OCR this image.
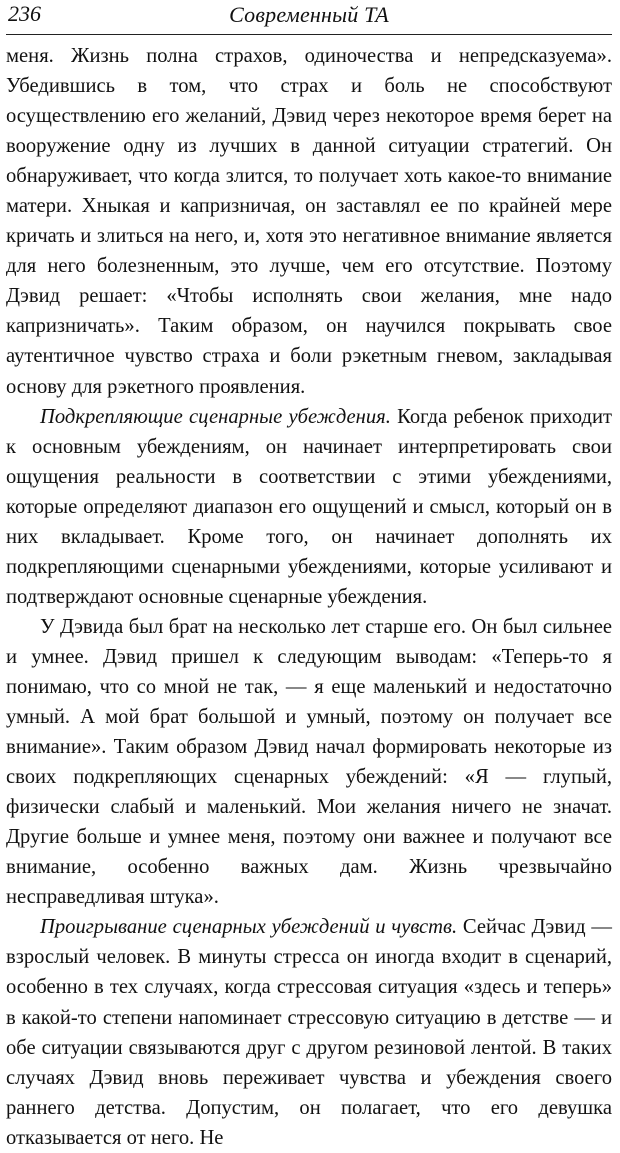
236	Современный ТА

меня. Жизнь полна страхов, одиночества и непредсказуема». Убедившись в том, что страх и боль не способствуют осуществлению его желаний, Дэвид через некоторое время берет на вооружение одну из лучших в данной ситуации стратегий. Он обнаруживает, что когда злится, то получает хоть какое-то внимание матери. Хныкая и капризничая, он заставлял ее по крайней мере кричать и злиться на него, и, хотя это негативное внимание является для него болезненным, это лучше, чем его отсутствие. Поэтому Дэвид решает: «Чтобы исполнять свои желания, мне надо капризничать». Таким образом, он научился покрывать свое аутентичное чувство страха и боли рэкетным гневом, закладывая основу для рэкетного проявления.

Подкрепляющие сценарные убеждения. Когда ребенок приходит к основным убеждениям, он начинает интерпретировать свои ощущения реальности в соответствии с этими убеждениями, которые определяют диапазон его ощущений и смысл, который он в них вкладывает. Кроме того, он начинает дополнять их подкрепляющими сценарными убеждениями, которые усиливают и подтверждают основные сценарные убеждения.

У Дэвида был брат на несколько лет старше его. Он был сильнее и умнее. Дэвид пришел к следующим выводам: «Теперь-то я понимаю, что со мной не так, — я еще маленький и недостаточно умный. А мой брат большой и умный, поэтому он получает все внимание». Таким образом Дэвид начал формировать некоторые из своих подкрепляющих сценарных убеждений: «Я — глупый, физически слабый и маленький. Мои желания ничего не значат. Другие больше и умнее меня, поэтому они важнее и получают все внимание, особенно важных дам. Жизнь чрезвычайно несправедливая штука».

Проигрывание сценарных убеждений и чувств. Сейчас Дэвид — взрослый человек. В минуты стресса он иногда входит в сценарий, особенно в тех случаях, когда стрессовая ситуация «здесь и теперь» в какой-то степени напоминает стрессовую ситуацию в детстве — и обе ситуации связываются друг с другом резиновой лентой. В таких случаях Дэвид вновь переживает чувства и убеждения своего раннего детства. Допустим, он полагает, что его девушка отказывается от него. Не
